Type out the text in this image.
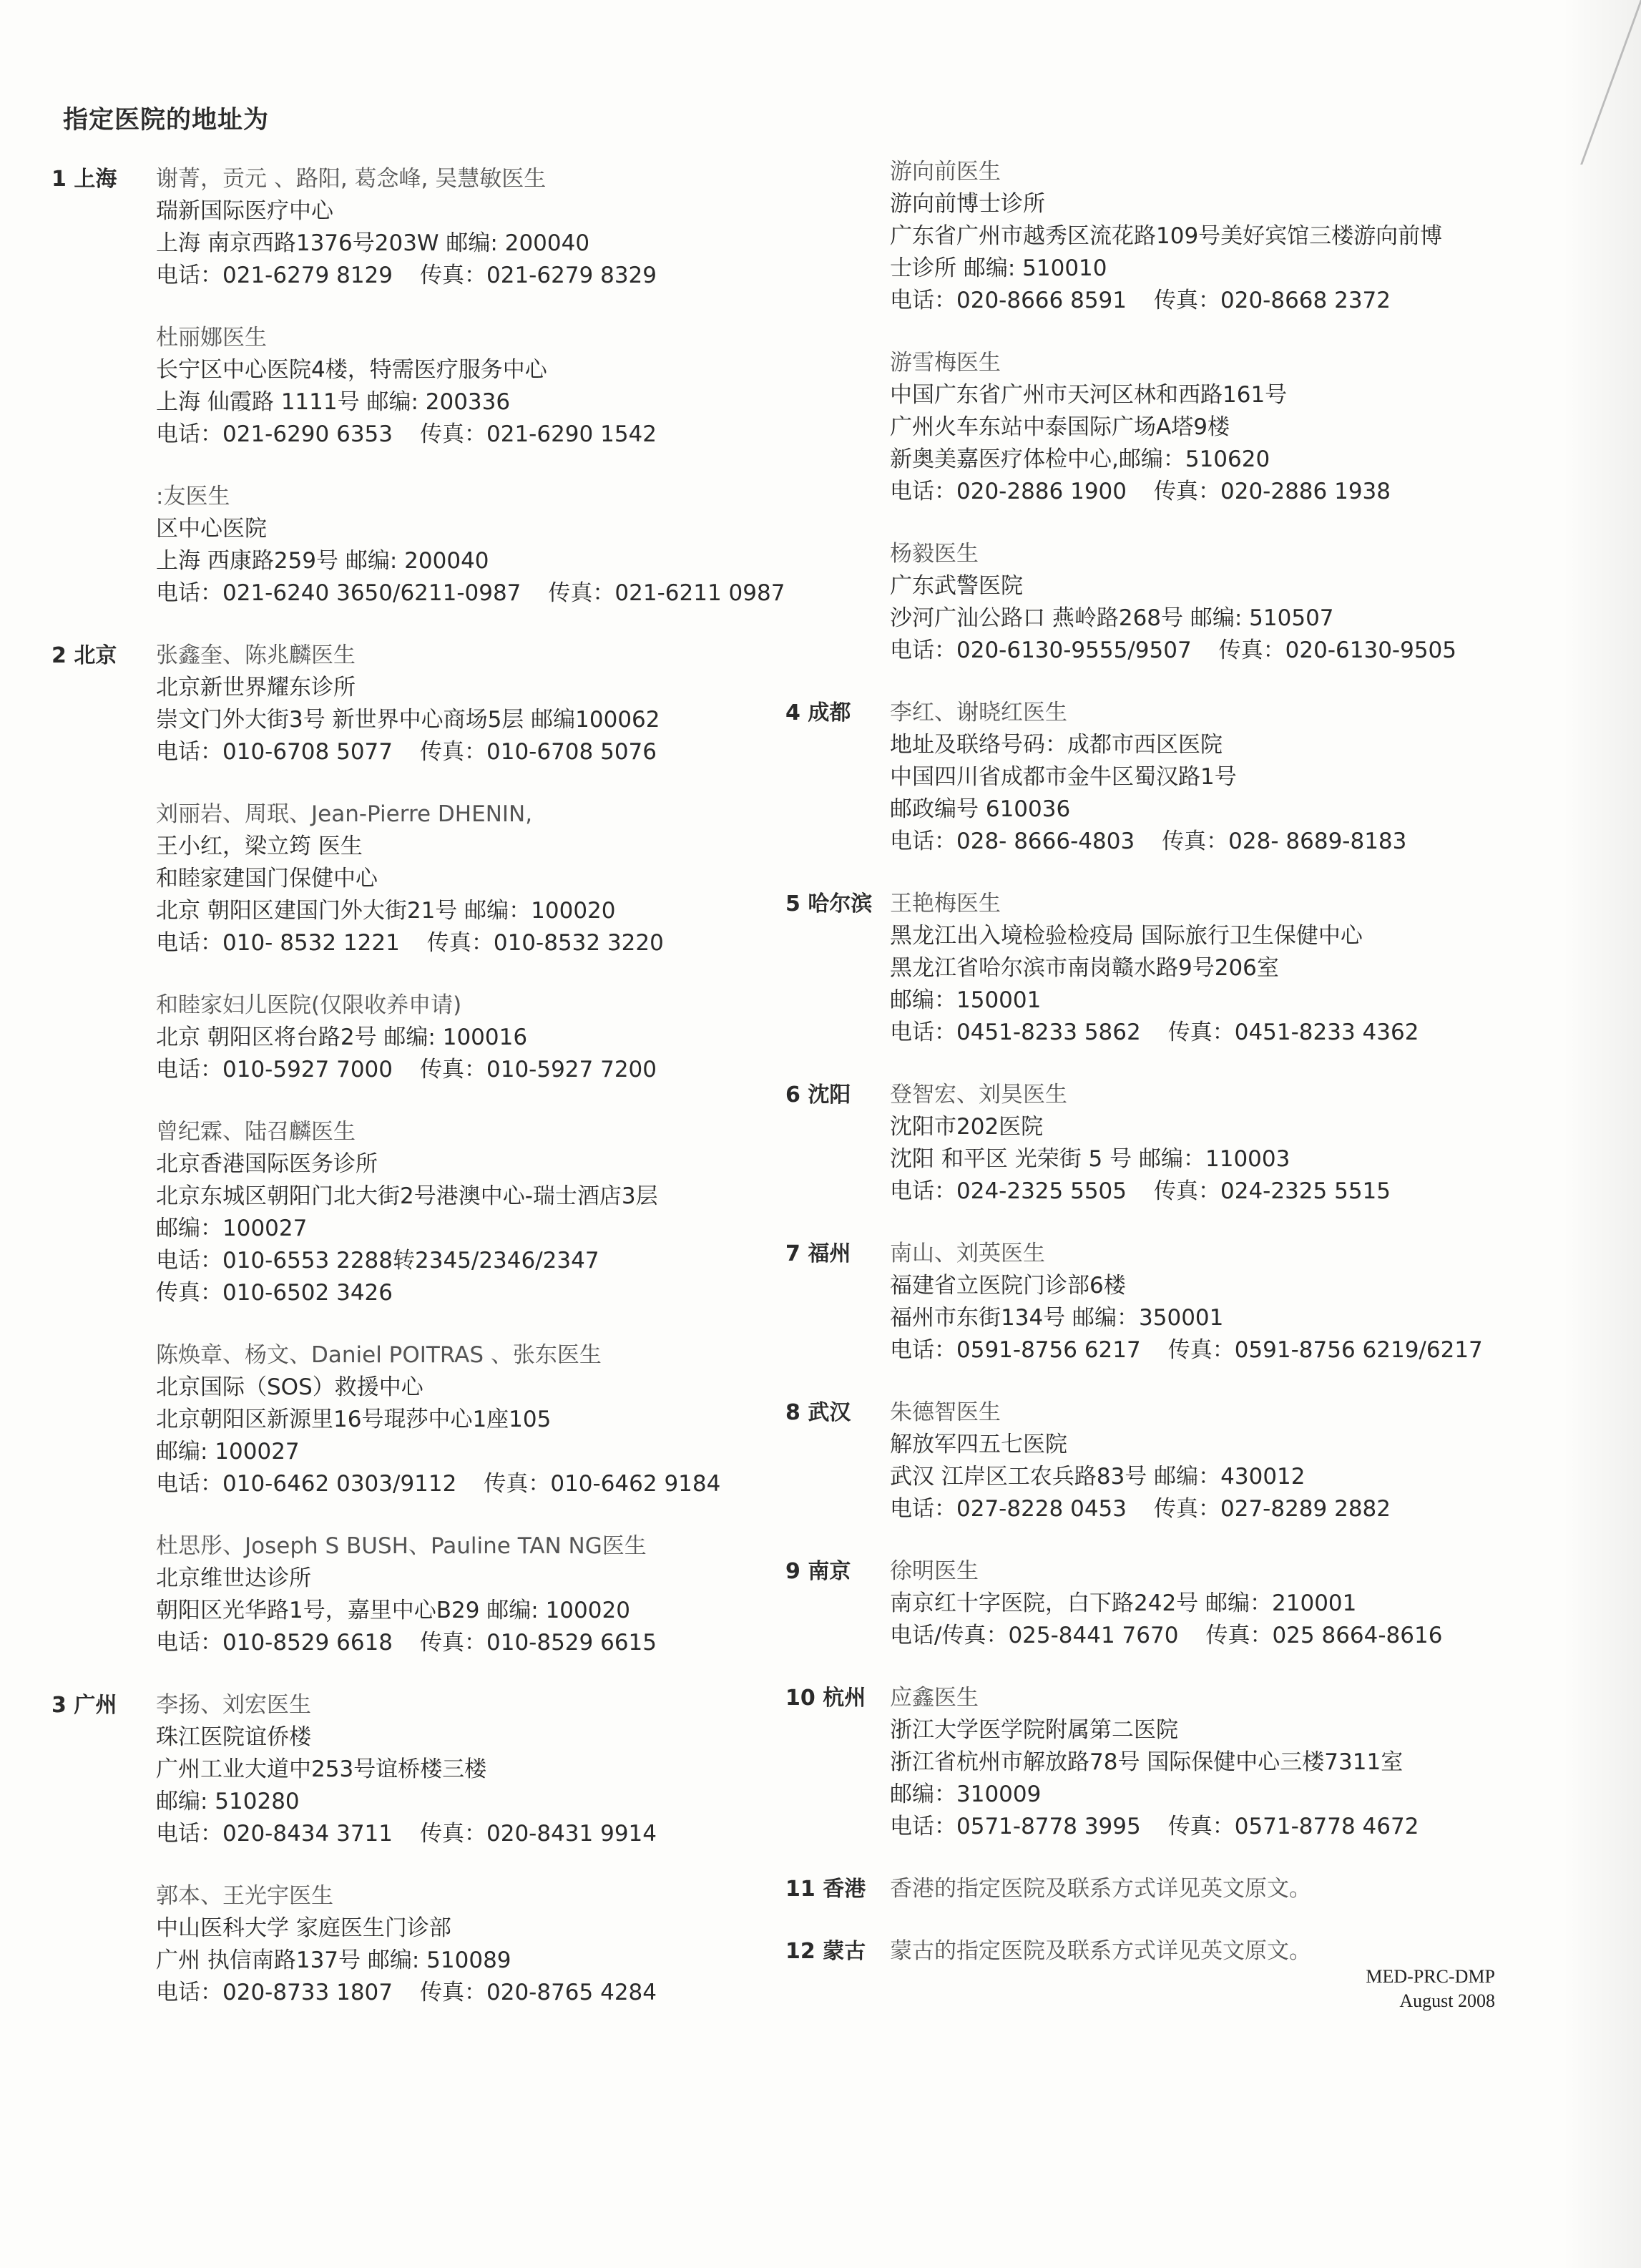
指定医院的地址为
1 上海 谢菁，贡元 、路阳, 葛念峰, 吴慧敏医生
瑞新国际医疗中心
上海 南京西路1376号203W 邮编: 200040
电话：021-6279 8129 传真：021-6279 8329
杜丽娜医生
长宁区中心医院4楼，特需医疗服务中心
上海 仙霞路 1111号 邮编: 200336
电话：021-6290 6353 传真：021-6290 1542
:友医生
区中心医院
上海 西康路259号 邮编: 200040
电话：021-6240 3650/6211-0987 传真：021-6211 0987
2 北京 张鑫奎、陈兆麟医生
北京新世界耀东诊所
崇文门外大街3号 新世界中心商场5层 邮编100062
电话：010-6708 5077 传真：010-6708 5076
刘丽岩、周珉、Jean-Pierre DHENIN,
王小红，梁立筠 医生
和睦家建国门保健中心
北京 朝阳区建国门外大街21号 邮编：100020
电话：010- 8532 1221 传真：010-8532 3220
和睦家妇儿医院(仅限收养申请)
北京 朝阳区将台路2号 邮编: 100016
电话：010-5927 7000 传真：010-5927 7200
曾纪霖、陆召麟医生
北京香港国际医务诊所
北京东城区朝阳门北大街2号港澳中心-瑞士酒店3层
邮编：100027
电话：010-6553 2288转2345/2346/2347
传真：010-6502 3426
陈焕章、杨文、Daniel POITRAS 、张东医生
北京国际（SOS）救援中心
北京朝阳区新源里16号琨莎中心1座105
邮编: 100027
电话：010-6462 0303/9112 传真：010-6462 9184
杜思彤、Joseph S BUSH、Pauline TAN NG医生
北京维世达诊所
朝阳区光华路1号，嘉里中心B29 邮编: 100020
电话：010-8529 6618 传真：010-8529 6615
3 广州 李扬、刘宏医生
珠江医院谊侨楼
广州工业大道中253号谊桥楼三楼
邮编: 510280
电话：020-8434 3711 传真：020-8431 9914
郭本、王光宇医生
中山医科大学 家庭医生门诊部
广州 执信南路137号 邮编: 510089
电话：020-8733 1807 传真：020-8765 4284
游向前医生
游向前博士诊所
广东省广州市越秀区流花路109号美好宾馆三楼游向前博
士诊所 邮编: 510010
电话：020-8666 8591 传真：020-8668 2372
游雪梅医生
中国广东省广州市天河区林和西路161号
广州火车东站中泰国际广场A塔9楼
新奥美嘉医疗体检中心,邮编：510620
电话：020-2886 1900 传真：020-2886 1938
杨毅医生
广东武警医院
沙河广汕公路口 燕岭路268号 邮编: 510507
电话：020-6130-9555/9507 传真：020-6130-9505
4 成都 李红、谢晓红医生
地址及联络号码：成都市西区医院
中国四川省成都市金牛区蜀汉路1号
邮政编号 610036
电话：028- 8666-4803 传真：028- 8689-8183
5 哈尔滨 王艳梅医生
黑龙江出入境检验检疫局 国际旅行卫生保健中心
黑龙江省哈尔滨市南岗赣水路9号206室
邮编：150001
电话：0451-8233 5862 传真：0451-8233 4362
6 沈阳 登智宏、刘昊医生
沈阳市202医院
沈阳 和平区 光荣街 5 号 邮编：110003
电话：024-2325 5505 传真：024-2325 5515
7 福州 南山、刘英医生
福建省立医院门诊部6楼
福州市东街134号 邮编：350001
电话：0591-8756 6217 传真：0591-8756 6219/6217
8 武汉 朱德智医生
解放军四五七医院
武汉 江岸区工农兵路83号 邮编：430012
电话：027-8228 0453 传真：027-8289 2882
9 南京 徐明医生
南京红十字医院，白下路242号 邮编：210001
电话/传真：025-8441 7670 传真：025 8664-8616
10 杭州 应鑫医生
浙江大学医学院附属第二医院
浙江省杭州市解放路78号 国际保健中心三楼7311室
邮编：310009
电话：0571-8778 3995 传真：0571-8778 4672
11 香港 香港的指定医院及联系方式详见英文原文。
12 蒙古 蒙古的指定医院及联系方式详见英文原文。
MED-PRC-DMP
August 2008
